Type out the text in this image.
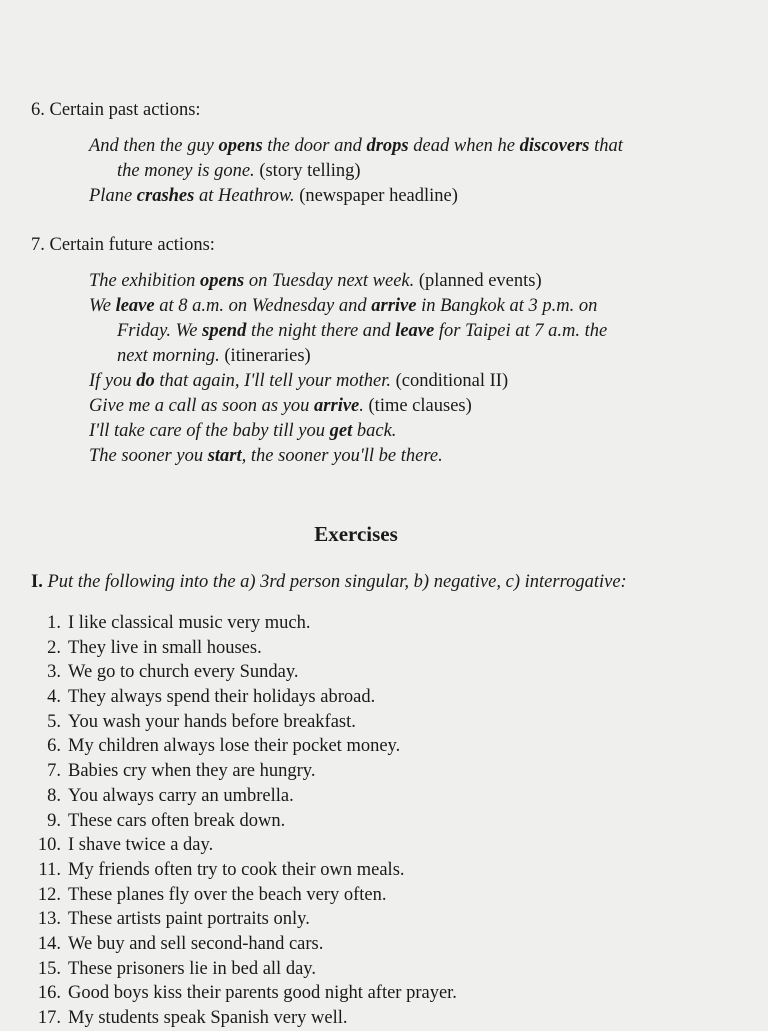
6. Certain past actions:
And then the guy opens the door and drops dead when he discovers that
the money is gone. (story telling)
Plane crashes at Heathrow. (newspaper headline)
7. Certain future actions:
The exhibition opens on Tuesday next week. (planned events)
We leave at 8 a.m. on Wednesday and arrive in Bangkok at 3 p.m. on
Friday. We spend the night there and leave for Taipei at 7 a.m. the
next morning. (itineraries)
If you do that again, I'll tell your mother. (conditional II)
Give me a call as soon as you arrive. (time clauses)
I'll take care of the baby till you get back.
The sooner you start, the sooner you'll be there.
Exercises
I. Put the following into the a) 3rd person singular, b) negative, c) interrogative:
1. I like classical music very much.
2. They live in small houses.
3. We go to church every Sunday.
4. They always spend their holidays abroad.
5. You wash your hands before breakfast.
6. My children always lose their pocket money.
7. Babies cry when they are hungry.
8. You always carry an umbrella.
9. These cars often break down.
10. I shave twice a day.
11. My friends often try to cook their own meals.
12. These planes fly over the beach very often.
13. These artists paint portraits only.
14. We buy and sell second-hand cars.
15. These prisoners lie in bed all day.
16. Good boys kiss their parents good night after prayer.
17. My students speak Spanish very well.
